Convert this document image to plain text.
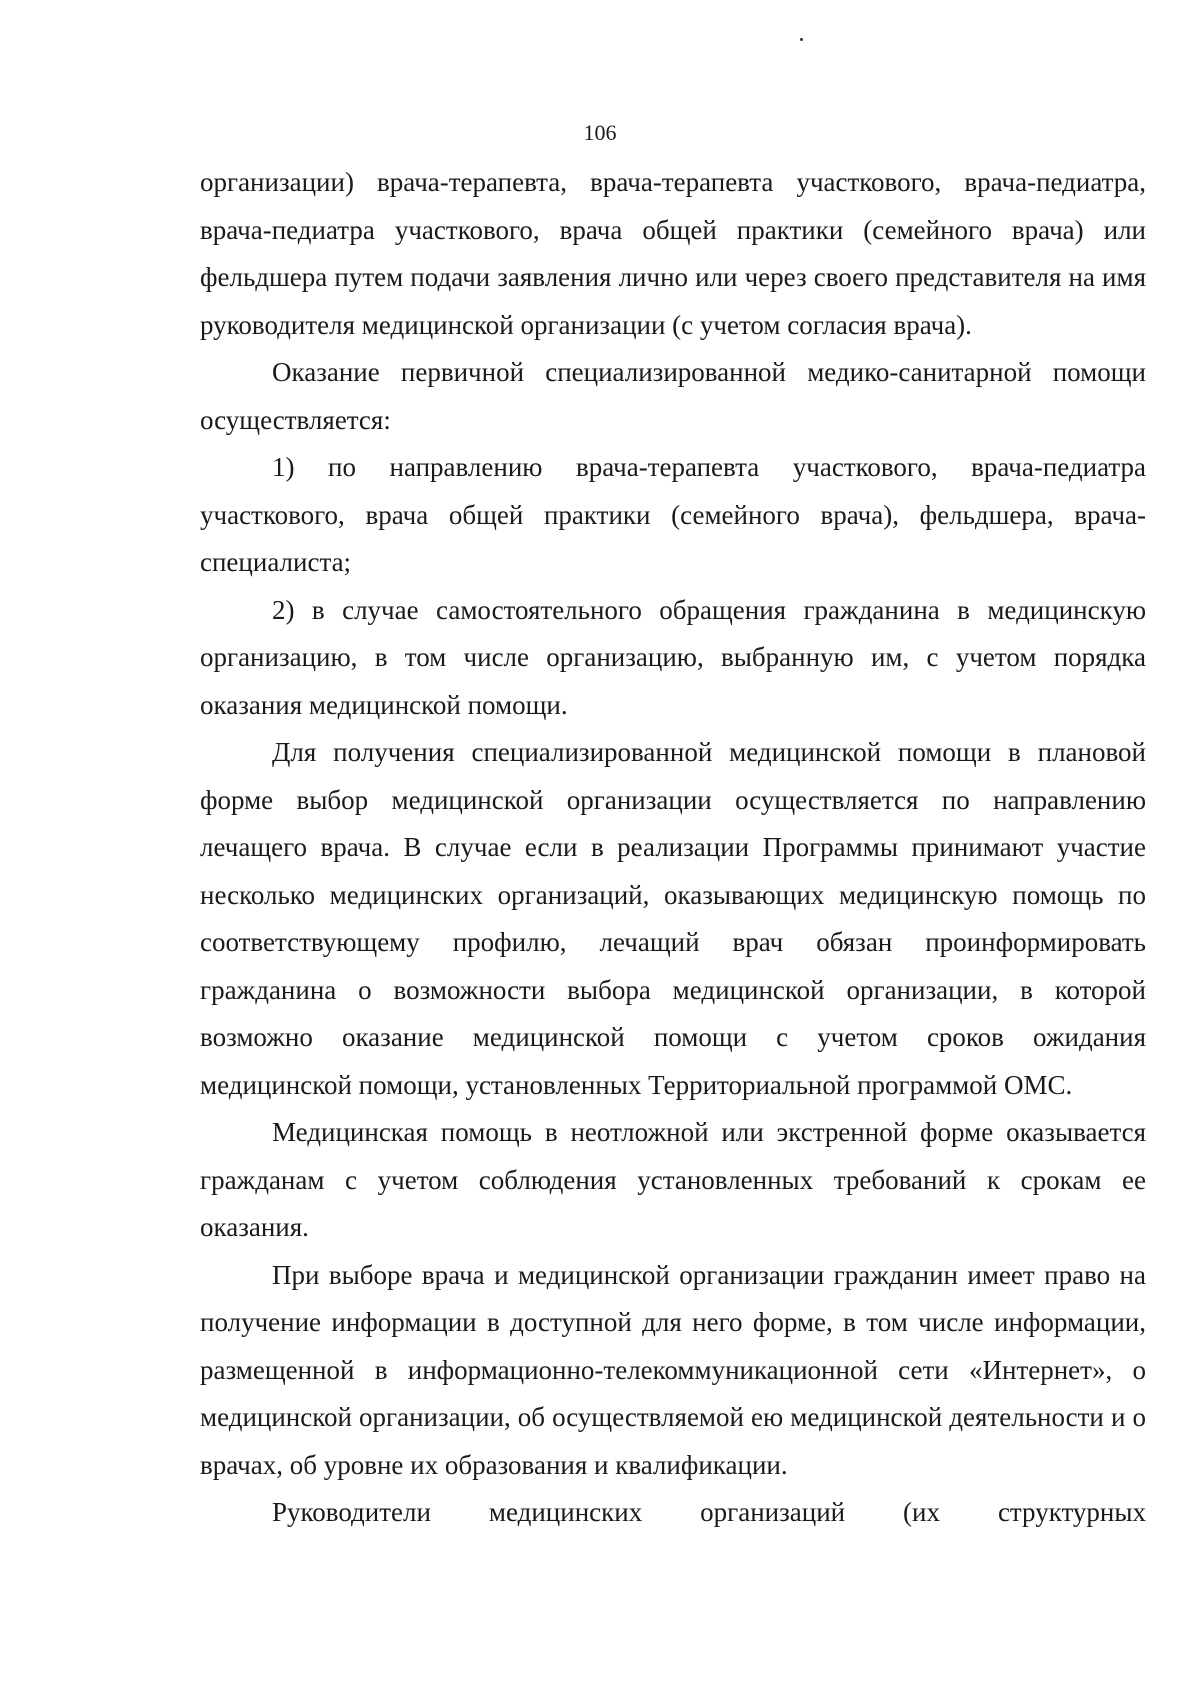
106

организации) врача-терапевта, врача-терапевта участкового, врача-педиатра, врача-педиатра участкового, врача общей практики (семейного врача) или фельдшера путем подачи заявления лично или через своего представителя на имя руководителя медицинской организации (с учетом согласия врача).

Оказание первичной специализированной медико-санитарной помощи осуществляется:

1) по направлению врача-терапевта участкового, врача-педиатра участкового, врача общей практики (семейного врача), фельдшера, врача-специалиста;

2) в случае самостоятельного обращения гражданина в медицинскую организацию, в том числе организацию, выбранную им, с учетом порядка оказания медицинской помощи.

Для получения специализированной медицинской помощи в плановой форме выбор медицинской организации осуществляется по направлению лечащего врача. В случае если в реализации Программы принимают участие несколько медицинских организаций, оказывающих медицинскую помощь по соответствующему профилю, лечащий врач обязан проинформировать гражданина о возможности выбора медицинской организации, в которой возможно оказание медицинской помощи с учетом сроков ожидания медицинской помощи, установленных Территориальной программой ОМС.

Медицинская помощь в неотложной или экстренной форме оказывается гражданам с учетом соблюдения установленных требований к срокам ее оказания.

При выборе врача и медицинской организации гражданин имеет право на получение информации в доступной для него форме, в том числе информации, размещенной в информационно-телекоммуникационной сети «Интернет», о медицинской организации, об осуществляемой ею медицинской деятельности и о врачах, об уровне их образования и квалификации.

Руководители медицинских организаций (их структурных
